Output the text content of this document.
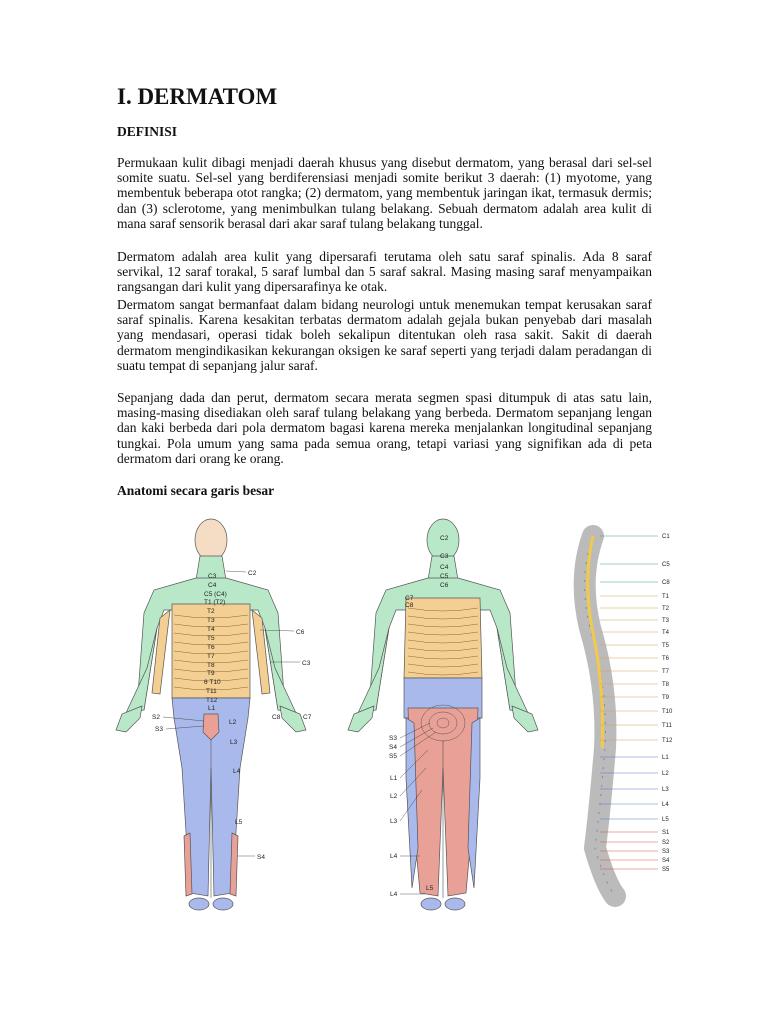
I. DERMATOM
DEFINISI

Permukaan kulit dibagi menjadi daerah khusus yang disebut dermatom, yang berasal dari sel-sel somite suatu. Sel-sel yang berdiferensiasi menjadi somite berikut 3 daerah: (1) myotome, yang membentuk beberapa otot rangka; (2) dermatom, yang membentuk jaringan ikat, termasuk dermis; dan (3) sclerotome, yang menimbulkan tulang belakang. Sebuah dermatom adalah area kulit di mana saraf sensorik berasal dari akar saraf tulang belakang tunggal.

Dermatom adalah area kulit yang dipersarafi terutama oleh satu saraf spinalis. Ada 8 saraf servikal, 12 saraf torakal, 5 saraf lumbal dan 5 saraf sakral. Masing masing saraf menyampaikan rangsangan dari kulit yang dipersarafinya ke otak.

Dermatom sangat bermanfaat dalam bidang neurologi untuk menemukan tempat kerusakan saraf saraf spinalis. Karena kesakitan terbatas dermatom adalah gejala bukan penyebab dari masalah yang mendasari, operasi tidak boleh sekalipun ditentukan oleh rasa sakit. Sakit di daerah dermatom mengindikasikan kekurangan oksigen ke saraf seperti yang terjadi dalam peradangan di suatu tempat di sepanjang jalur saraf.

Sepanjang dada dan perut, dermatom secara merata segmen spasi ditumpuk di atas satu lain, masing-masing disediakan oleh saraf tulang belakang yang berbeda. Dermatom sepanjang lengan dan kaki berbeda dari pola dermatom bagasi karena mereka menjalankan longitudinal sepanjang tungkai. Pola umum yang sama pada semua orang, tetapi variasi yang signifikan ada di peta dermatom dari orang ke orang.

Anatomi secara garis besar
C3
C4
C5 (C4)
T1 (T2)
T2
T3
T4
T5
T6
T7
T8
T9
θ T10
T11
T12
L1
L2
L3
L4
L5
C2
C6
C3
C8	C7
S2
S3
S4
C2
C3
C4
C5
C6
C7
C8
S3
S4
S5
L1
L2
L3
L4
L5
L4
C1
C5
C8
T1
T2
T3
T4
T5
T6
T7
T8
T9
T10
T11
T12
L1
L2
L3
L4
L5
S1
S2
S3
S4
S5
